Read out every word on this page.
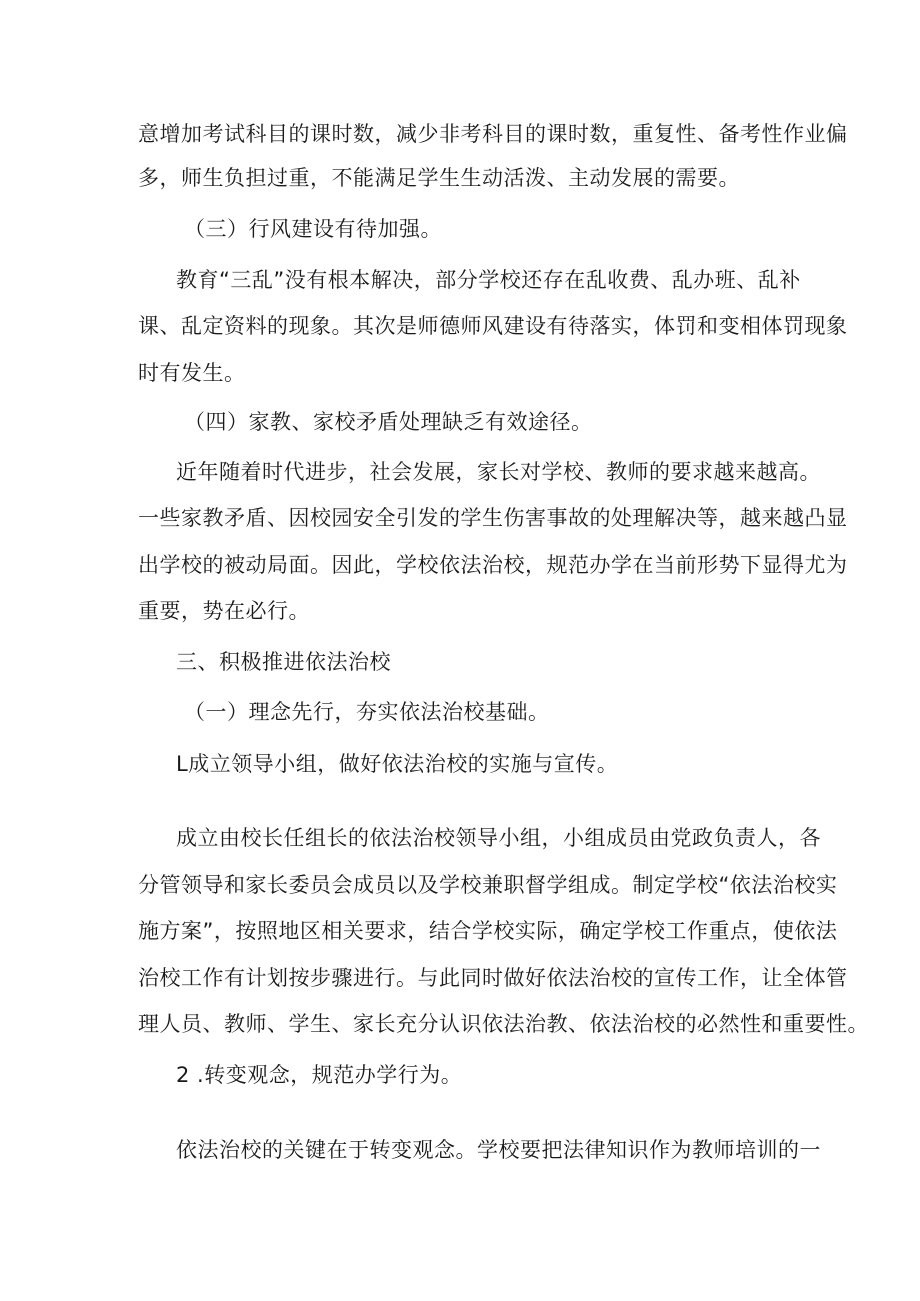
意增加考试科目的课时数，减少非考科目的课时数，重复性、备考性作业偏
多，师生负担过重，不能满足学生生动活泼、主动发展的需要。
（三）行风建设有待加强。
教育“三乱”没有根本解决，部分学校还存在乱收费、乱办班、乱补
课、乱定资料的现象。其次是师德师风建设有待落实，体罚和变相体罚现象
时有发生。
（四）家教、家校矛盾处理缺乏有效途径。
近年随着时代进步，社会发展，家长对学校、教师的要求越来越高。
一些家教矛盾、因校园安全引发的学生伤害事故的处理解决等，越来越凸显
出学校的被动局面。因此，学校依法治校，规范办学在当前形势下显得尤为
重要，势在必行。
三、积极推进依法治校
（一）理念先行，夯实依法治校基础。
L成立领导小组，做好依法治校的实施与宣传。
成立由校长任组长的依法治校领导小组，小组成员由党政负责人，各
分管领导和家长委员会成员以及学校兼职督学组成。制定学校“依法治校实
施方案”，按照地区相关要求，结合学校实际，确定学校工作重点，使依法
治校工作有计划按步骤进行。与此同时做好依法治校的宣传工作，让全体管
理人员、教师、学生、家长充分认识依法治教、依法治校的必然性和重要性。
2 .转变观念，规范办学行为。
依法治校的关键在于转变观念。学校要把法律知识作为教师培训的一
